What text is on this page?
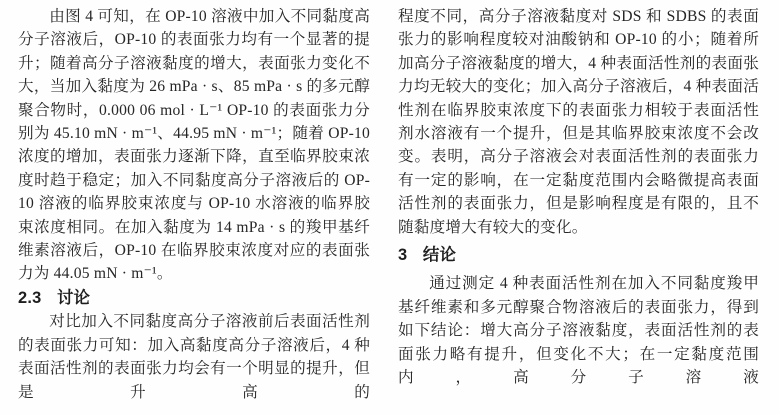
由图 4 可知，在 OP-10 溶液中加入不同黏度高分子溶液后，OP-10 的表面张力均有一个显著的提升；随着高分子溶液黏度的增大，表面张力变化不大，当加入黏度为 26 mPa · s、85 mPa · s 的多元醇聚合物时，0.000 06 mol · L⁻¹ OP-10 的表面张力分别为 45.10 mN · m⁻¹、44.95 mN · m⁻¹；随着 OP-10 浓度的增加，表面张力逐渐下降，直至临界胶束浓度时趋于稳定；加入不同黏度高分子溶液后的 OP-10 溶液的临界胶束浓度与 OP-10 水溶液的临界胶束浓度相同。在加入黏度为 14 mPa · s 的羧甲基纤维素溶液后，OP-10 在临界胶束浓度对应的表面张力为 44.05 mN · m⁻¹。

2.3 讨论

对比加入不同黏度高分子溶液前后表面活性剂的表面张力可知：加入高黏度高分子溶液后，4 种表面活性剂的表面张力均会有一个明显的提升，但是升高的

程度不同，高分子溶液黏度对 SDS 和 SDBS 的表面张力的影响程度较对油酸钠和 OP-10 的小；随着所加高分子溶液黏度的增大，4 种表面活性剂的表面张力均无较大的变化；加入高分子溶液后，4 种表面活性剂在临界胶束浓度下的表面张力相较于表面活性剂水溶液有一个提升，但是其临界胶束浓度不会改变。表明，高分子溶液会对表面活性剂的表面张力有一定的影响，在一定黏度范围内会略微提高表面活性剂的表面张力，但是影响程度是有限的，且不随黏度增大有较大的变化。

3 结论

通过测定 4 种表面活性剂在加入不同黏度羧甲基纤维素和多元醇聚合物溶液后的表面张力，得到如下结论：增大高分子溶液黏度，表面活性剂的表面张力略有提升，但变化不大；在一定黏度范围内，高分子溶液
